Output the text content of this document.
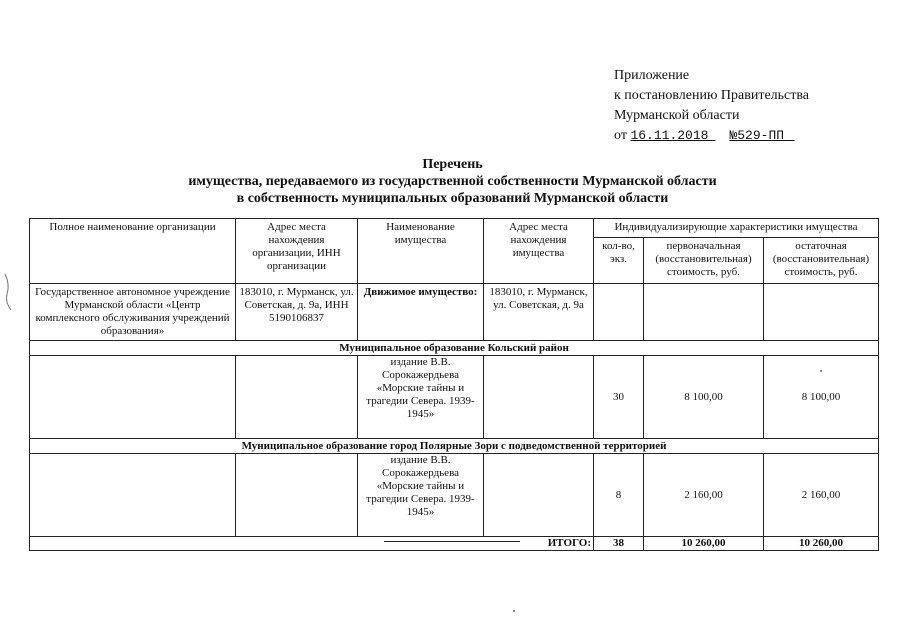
Приложение
к постановлению Правительства
Мурманской области
от 16.11.2018 №529-ПП
Перечень
имущества, передаваемого из государственной собственности Мурманской области
в собственность муниципальных образований Мурманской области
Полное наименование организации	Адрес места нахождения организации, ИНН организации	Наименование имущества	Адрес места нахождения имущества	Индивидуализирующие характеристики имущества		
				кол-во, экз.	первоначальная (восстановительная) стоимость, руб.	остаточная (восстановительная) стоимость, руб.
Государственное автономное учреждение Мурманской области «Центр комплексного обслуживания учреждений образования»	183010, г. Мурманск, ул. Советская, д. 9а, ИНН 5190106837	Движимое имущество:	183010, г. Мурманск, ул. Советская, д. 9а			
Муниципальное образование Кольский район						
		издание В.В. Сорокажердьева «Морские тайны и трагедии Севера. 1939-1945»		30	8 100,00	8 100,00
Муниципальное образование город Полярные Зори с подведомственной территорией						
		издание В.В. Сорокажердьева «Морские тайны и трагедии Севера. 1939-1945»		8	2 160,00	2 160,00
ИТОГО:				38	10 260,00	10 260,00
